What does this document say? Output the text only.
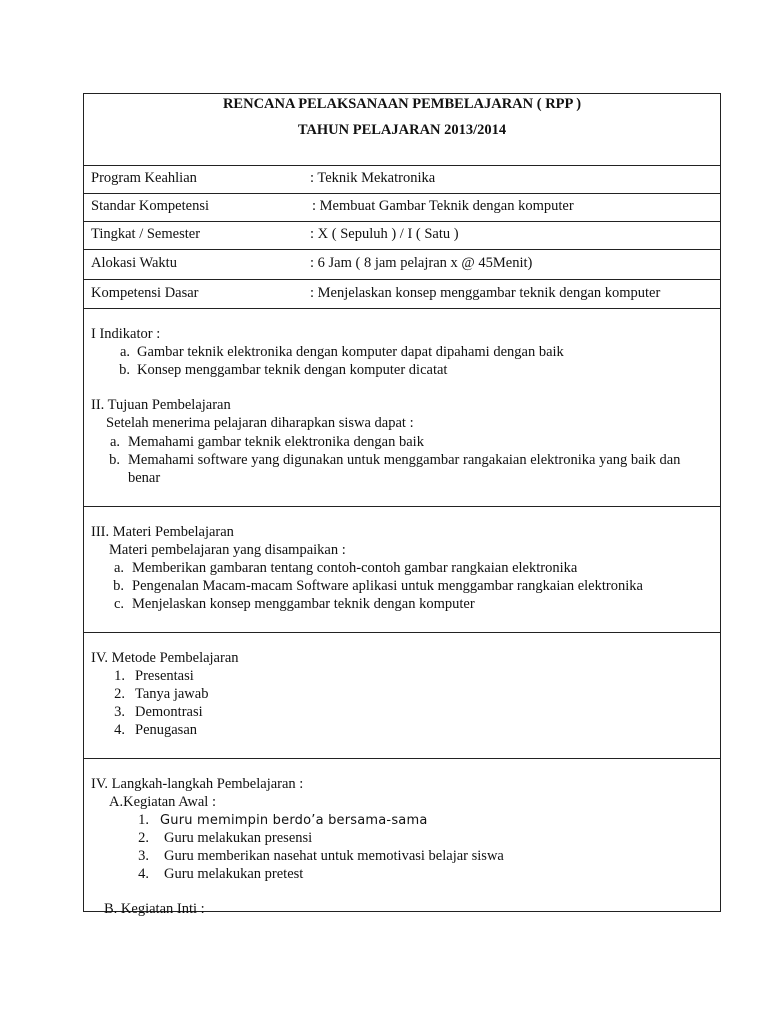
RENCANA PELAKSANAAN PEMBELAJARAN ( RPP )
TAHUN PELAJARAN 2013/2014
Program Keahlian	: Teknik Mekatronika
Standar Kompetensi	: Membuat Gambar Teknik dengan komputer
Tingkat / Semester	: X ( Sepuluh ) / I ( Satu )
Alokasi Waktu	: 6 Jam ( 8 jam pelajran x @ 45Menit)
Kompetensi Dasar	: Menjelaskan konsep menggambar teknik dengan komputer
I Indikator :
a. Gambar teknik elektronika dengan komputer dapat dipahami dengan baik
b. Konsep menggambar teknik dengan komputer dicatat
II. Tujuan Pembelajaran
Setelah menerima pelajaran diharapkan siswa dapat :
a. Memahami gambar teknik elektronika dengan baik
b. Memahami software yang digunakan untuk menggambar rangakaian elektronika yang baik dan
benar
III. Materi Pembelajaran
Materi pembelajaran yang disampaikan :
a. Memberikan gambaran tentang contoh-contoh gambar rangkaian elektronika
b. Pengenalan Macam-macam Software aplikasi untuk menggambar rangkaian elektronika
c. Menjelaskan konsep menggambar teknik dengan komputer
IV. Metode Pembelajaran
1. Presentasi
2. Tanya jawab
3. Demontrasi
4. Penugasan
IV. Langkah-langkah Pembelajaran :
A.Kegiatan Awal :
1. Guru memimpin berdo’a bersama-sama
2. Guru melakukan presensi
3. Guru memberikan nasehat untuk memotivasi belajar siswa
4. Guru melakukan pretest
B. Kegiatan Inti :
